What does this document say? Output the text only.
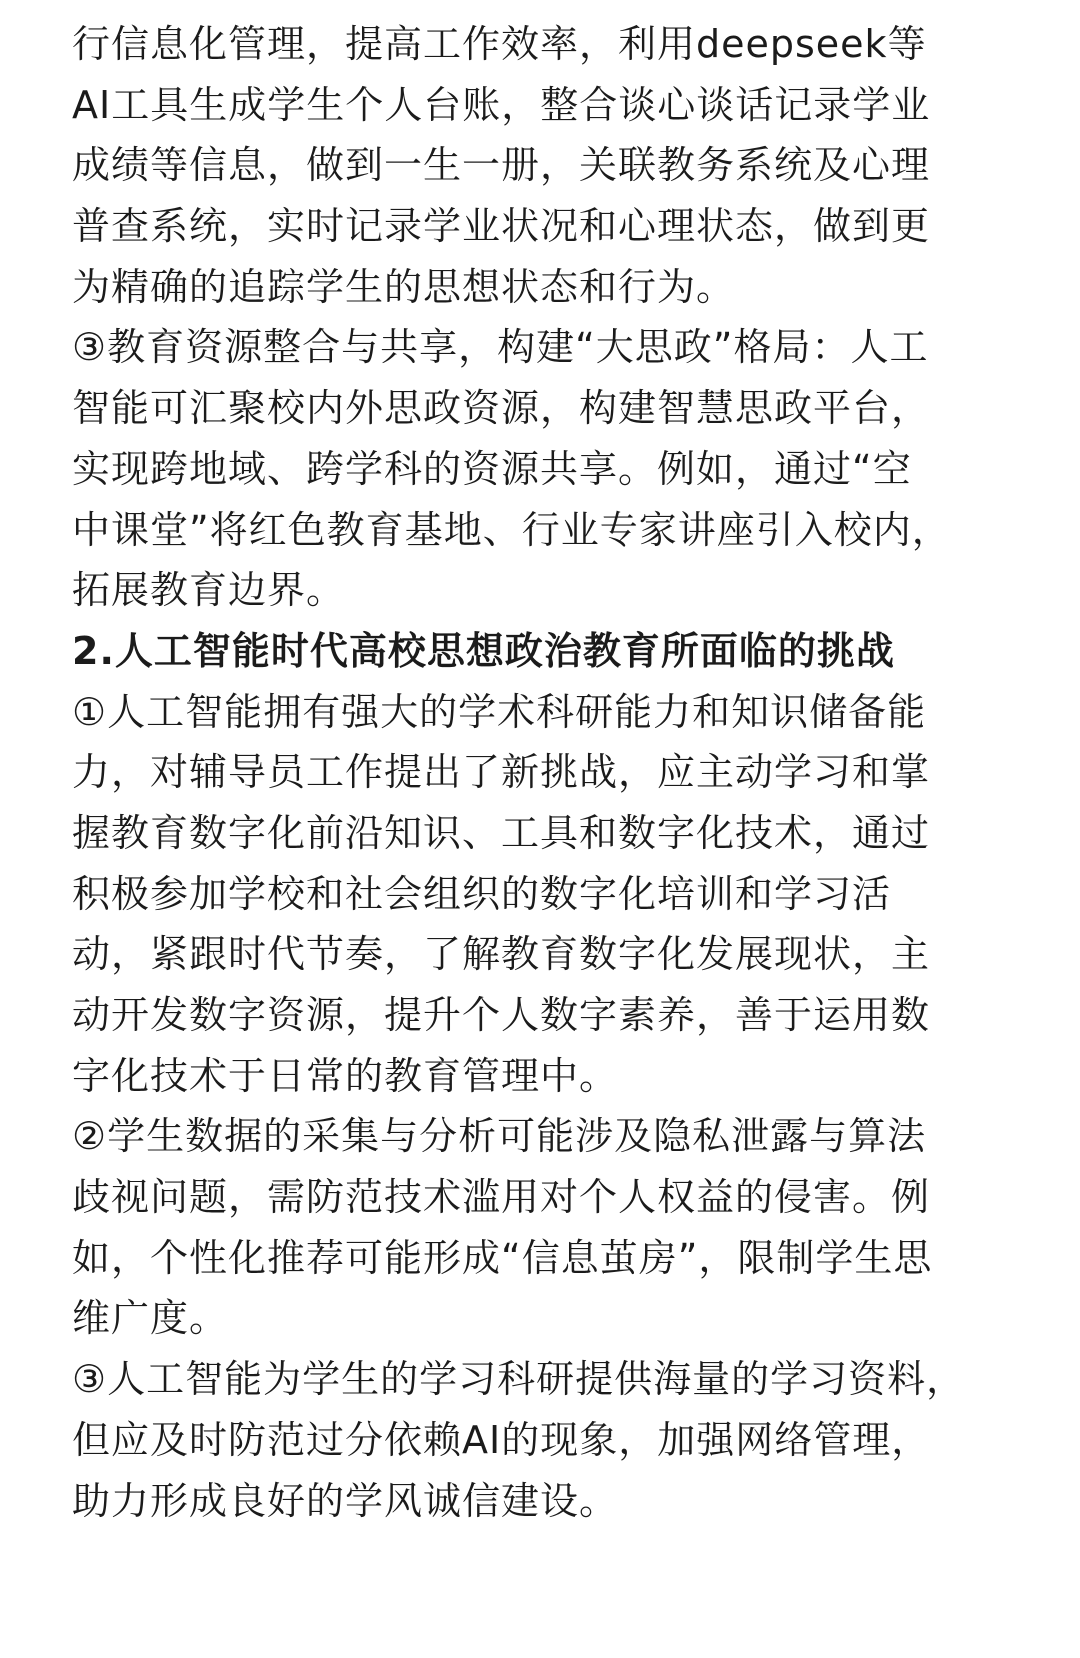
行信息化管理，提高工作效率，利用deepseek等
AI工具生成学生个人台账，整合谈心谈话记录学业
成绩等信息，做到一生一册，关联教务系统及心理
普查系统，实时记录学业状况和心理状态，做到更
为精确的追踪学生的思想状态和行为。
③教育资源整合与共享，构建“大思政”格局：人工
智能可汇聚校内外思政资源，构建智慧思政平台，
实现跨地域、跨学科的资源共享。例如，通过“空
中课堂”将红色教育基地、行业专家讲座引入校内，
拓展教育边界。
2.人工智能时代高校思想政治教育所面临的挑战
①人工智能拥有强大的学术科研能力和知识储备能
力，对辅导员工作提出了新挑战，应主动学习和掌
握教育数字化前沿知识、工具和数字化技术，通过
积极参加学校和社会组织的数字化培训和学习活
动，紧跟时代节奏，了解教育数字化发展现状，主
动开发数字资源，提升个人数字素养，善于运用数
字化技术于日常的教育管理中。
②学生数据的采集与分析可能涉及隐私泄露与算法
歧视问题，需防范技术滥用对个人权益的侵害。例
如，个性化推荐可能形成“信息茧房”，限制学生思
维广度。
③人工智能为学生的学习科研提供海量的学习资料，
但应及时防范过分依赖AI的现象，加强网络管理，
助力形成良好的学风诚信建设。
